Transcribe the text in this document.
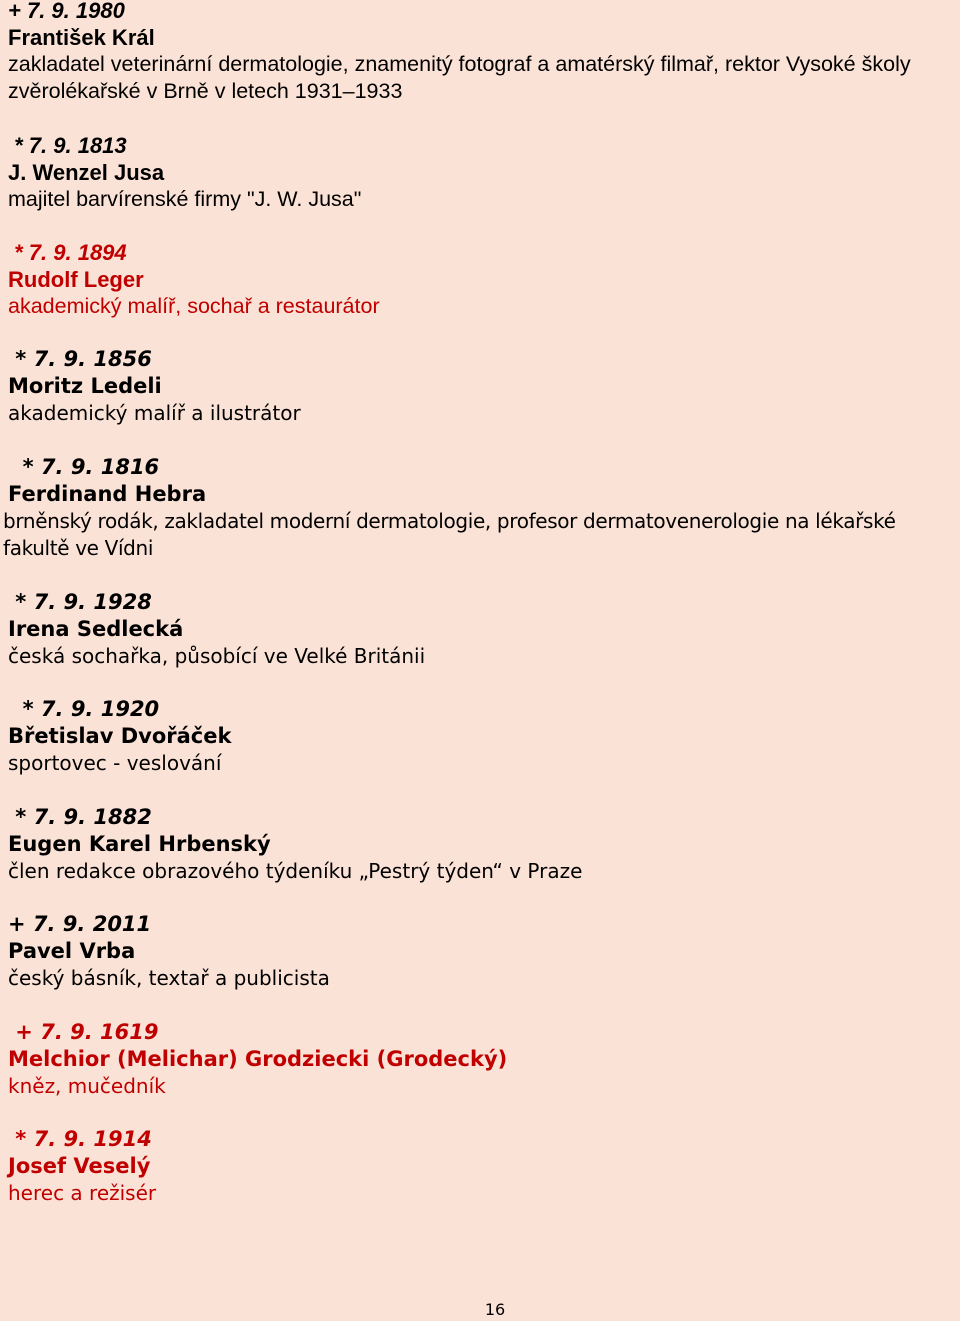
+ 7. 9. 1980
František Král
zakladatel veterinární dermatologie, znamenitý fotograf a amatérský filmař, rektor Vysoké školy zvěrolékařské v Brně v letech 1931–1933
* 7. 9. 1813
J. Wenzel Jusa
majitel barvírenské firmy "J. W. Jusa"
* 7. 9. 1894
Rudolf Leger
akademický malíř, sochař a restaurátor
* 7. 9. 1856
Moritz Ledeli
akademický malíř a ilustrátor
* 7. 9. 1816
Ferdinand Hebra
brněnský rodák, zakladatel moderní dermatologie, profesor dermatovenerologie na lékařské fakultě ve Vídni
* 7. 9. 1928
Irena Sedlecká
česká sochařka, působící ve Velké Británii
* 7. 9. 1920
Břetislav Dvořáček
sportovec - veslování
* 7. 9. 1882
Eugen Karel Hrbenský
člen redakce obrazového týdeníku „Pestrý týden“ v Praze
+ 7. 9. 2011
Pavel Vrba
český básník, textař a publicista
+ 7. 9. 1619
Melchior (Melichar) Grodziecki (Grodecký)
kněz, mučedník
* 7. 9. 1914
Josef Veselý
herec a režisér
16
